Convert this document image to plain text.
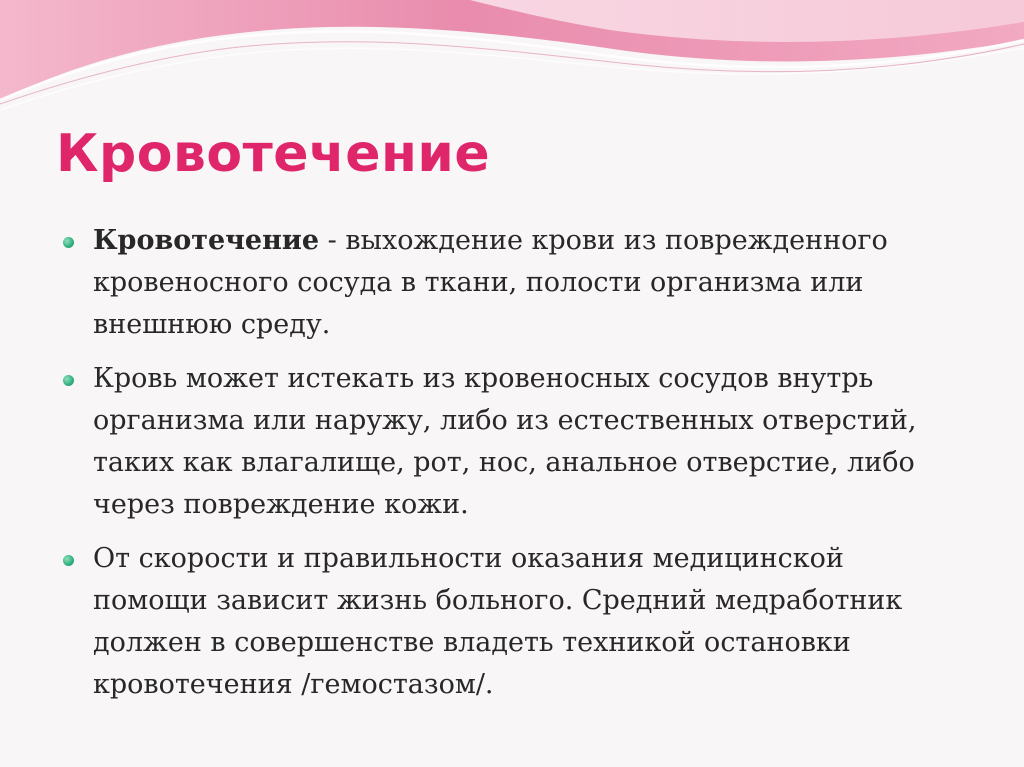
Кровотечение
Кровотечение - выхождение крови из поврежденного кровеносного сосуда в ткани, полости организма или внешнюю среду.
Кровь может истекать из кровеносных сосудов внутрь организма или наружу, либо из естественных отверстий, таких как влагалище, рот, нос, анальное отверстие, либо через повреждение кожи.
От скорости и правильности оказания медицинской помощи зависит жизнь больного. Средний медработник должен в совершенстве владеть техникой остановки кровотечения /гемостазом/.
